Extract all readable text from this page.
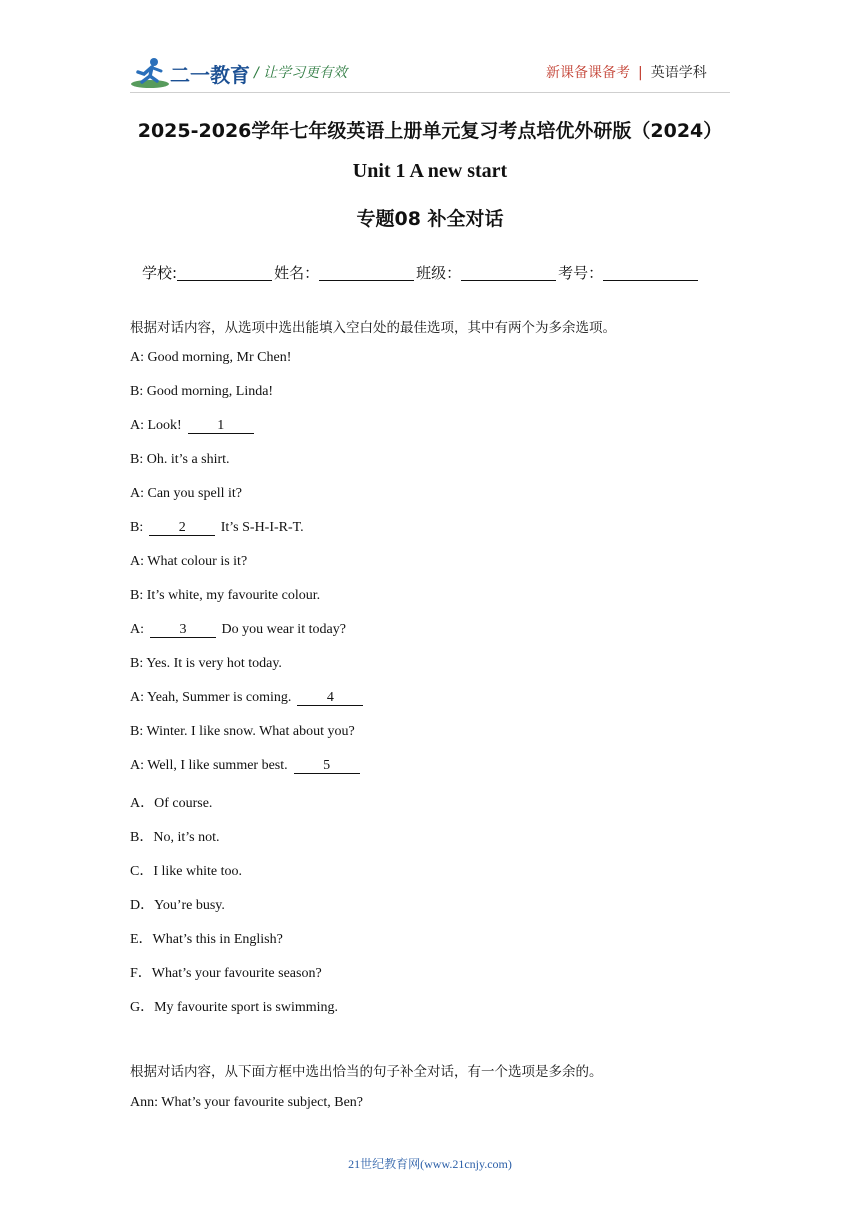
二一教育 / 让学习更有效	新课备课备考 | 英语学科
2025-2026学年七年级英语上册单元复习考点培优外研版（2024）
Unit 1 A new start
专题08 补全对话
学校:	姓名：	班级：	考号：
根据对话内容，从选项中选出能填入空白处的最佳选项，其中有两个为多余选项。
A: Good morning, Mr Chen!
B: Good morning, Linda!
A: Look!	1
B: Oh. it’s a shirt.
A: Can you spell it?
B:	2	It’s S-H-I-R-T.
A: What colour is it?
B: It’s white, my favourite colour.
A:	3	Do you wear it today?
B: Yes. It is very hot today.
A: Yeah, Summer is coming.	4
B: Winter. I like snow. What about you?
A: Well, I like summer best.	5
A．Of course.
B．No, it’s not.
C．I like white too.
D．You’re busy.
E．What’s this in English?
F．What’s your favourite season?
G．My favourite sport is swimming.
根据对话内容，从下面方框中选出恰当的句子补全对话，有一个选项是多余的。
Ann: What’s your favourite subject, Ben?
21世纪教育网(www.21cnjy.com)
